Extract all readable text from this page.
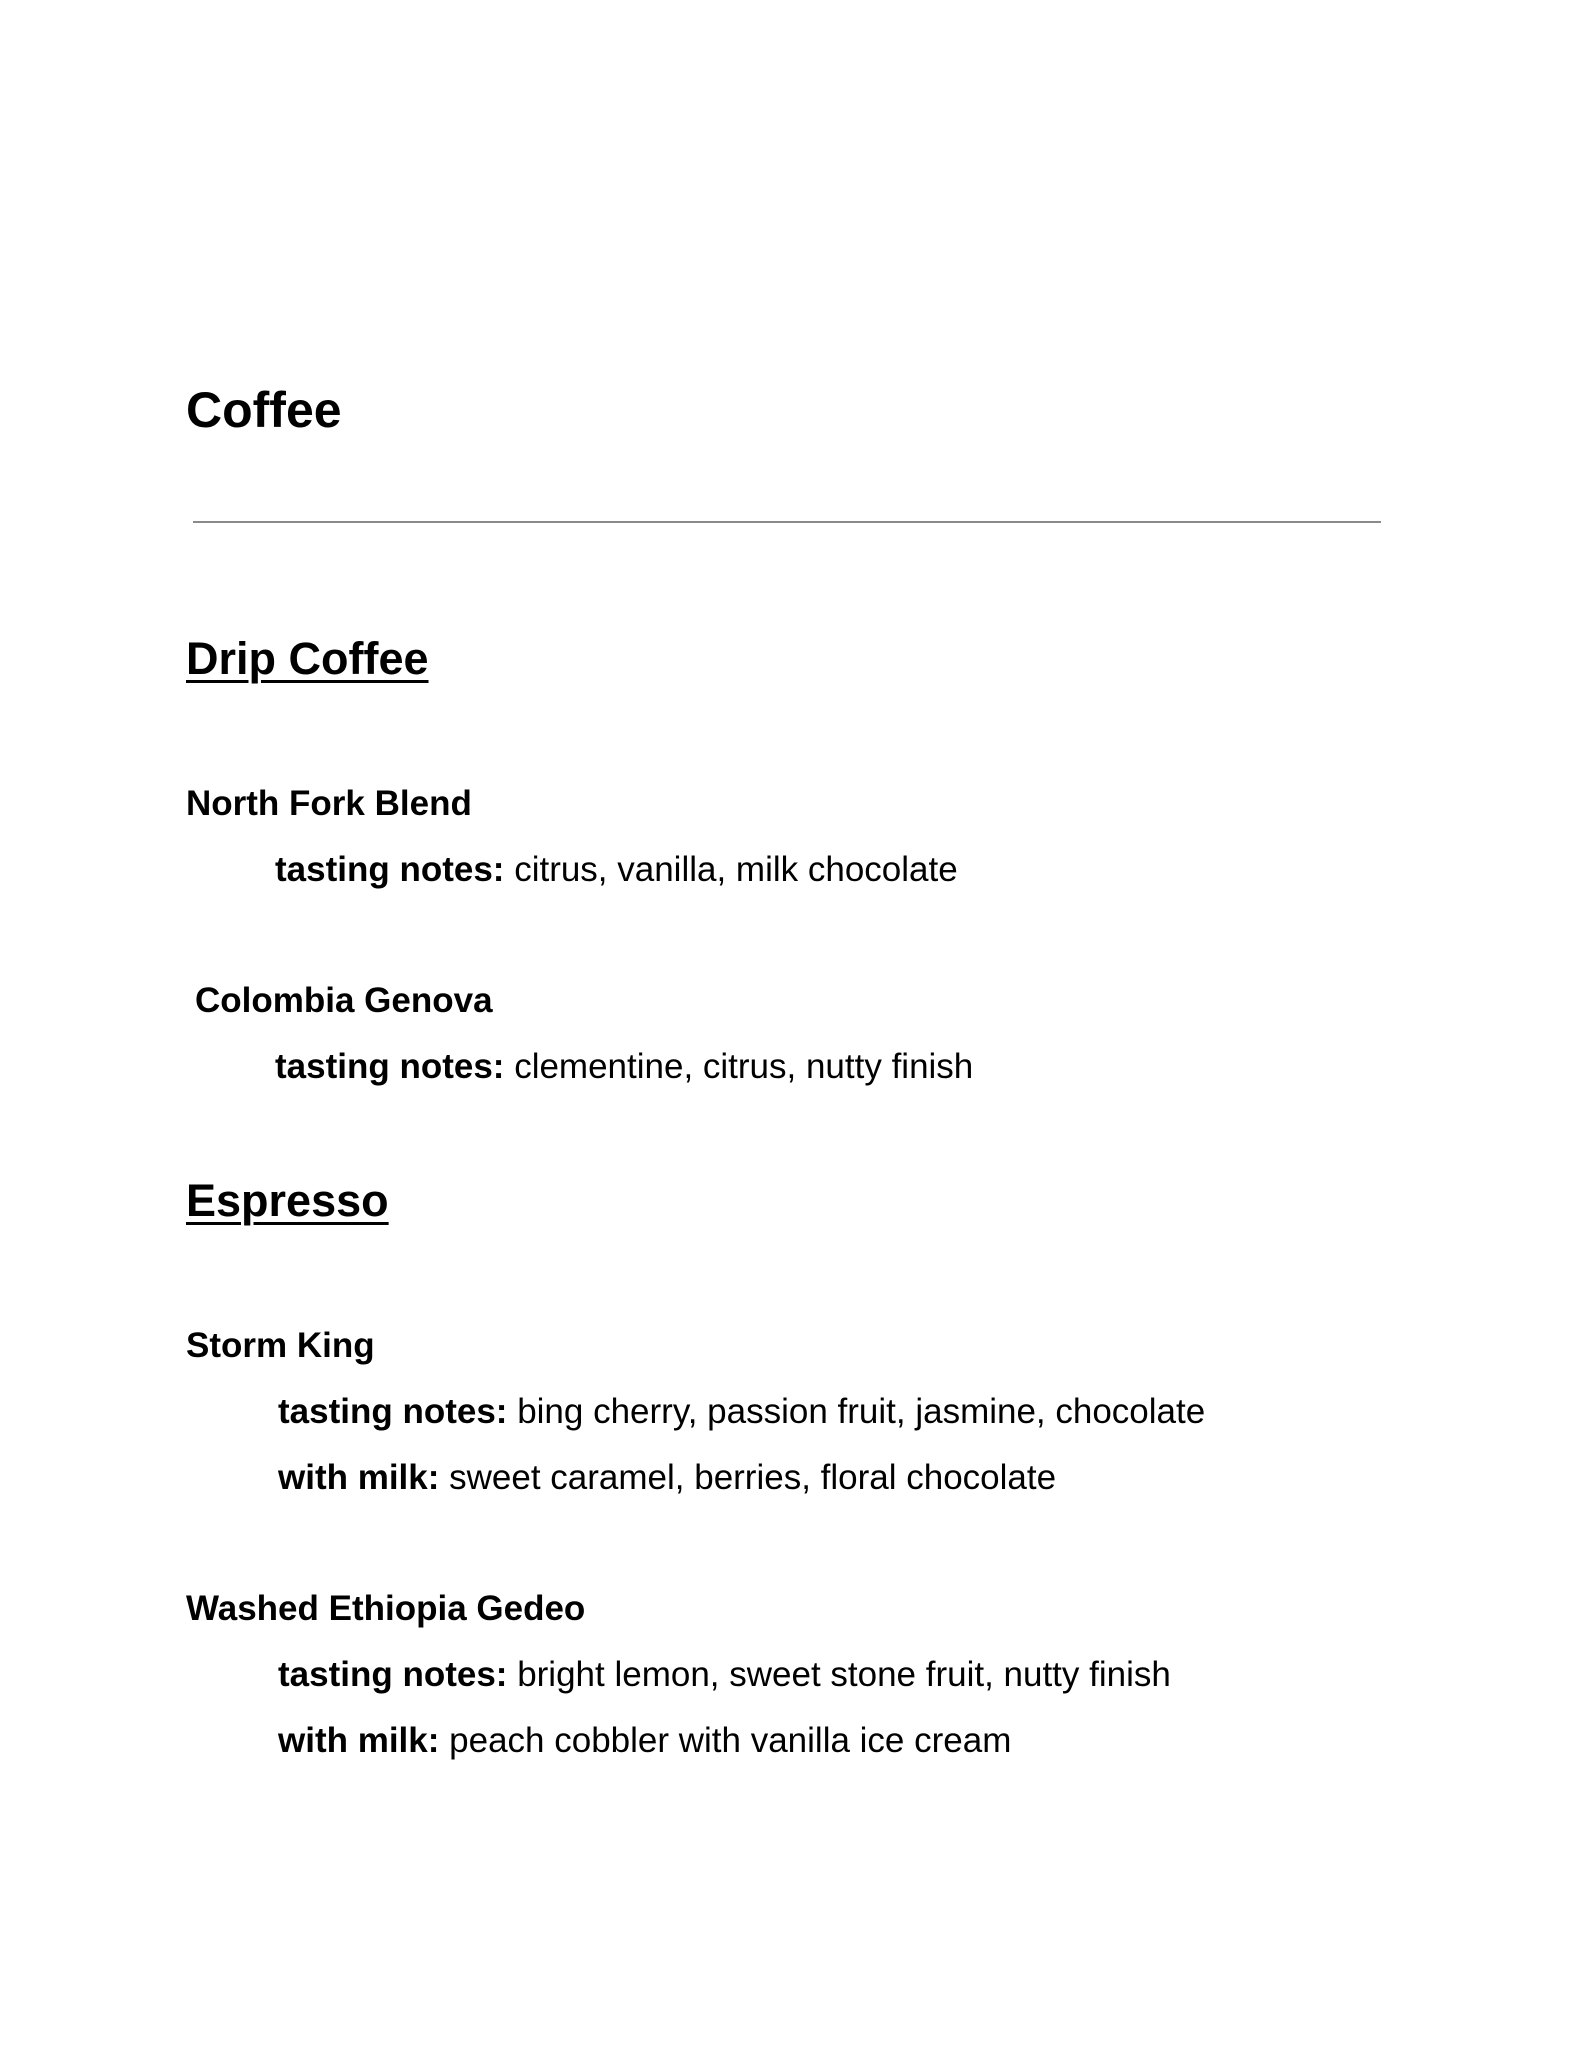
Coffee
Drip Coffee
North Fork Blend
tasting notes: citrus, vanilla, milk chocolate
Colombia Genova
tasting notes: clementine, citrus, nutty finish
Espresso
Storm King
tasting notes: bing cherry, passion fruit, jasmine, chocolate
with milk: sweet caramel, berries, floral chocolate
Washed Ethiopia Gedeo
tasting notes: bright lemon, sweet stone fruit, nutty finish
with milk: peach cobbler with vanilla ice cream
